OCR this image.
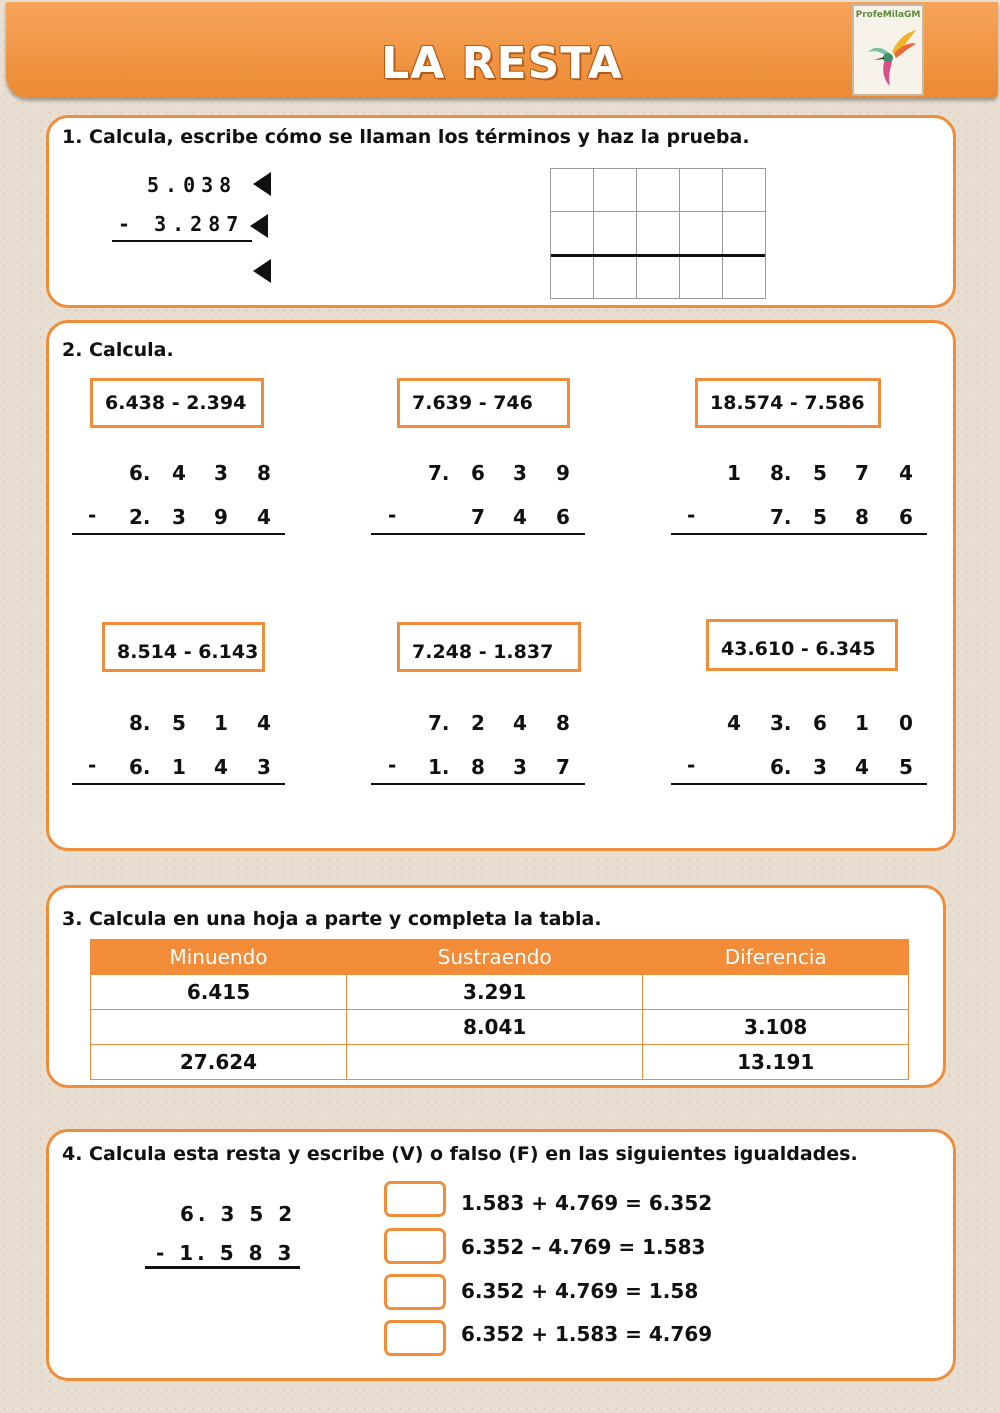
LA RESTA
ProfeMilaGM
1. Calcula, escribe cómo se llaman los términos y haz la prueba.
5.038
- 3.287
2. Calcula.
6.438 - 2.394	7.639 - 746	18.574 - 7.586
8.514 - 6.143	7.248 - 1.837	43.610 - 6.345
6. 4 3 8
- 2. 3 9 4
7. 6 3 9
-	7 4 6
1 8. 5 7 4
-	7. 5 8 6
8. 5 1 4
- 6. 1 4 3
7. 2 4 8
- 1. 8 3 7
4 3. 6 1 0
-	6. 3 4 5
3. Calcula en una hoja a parte y completa la tabla.
Minuendo	Sustraendo	Diferencia
6.415	3.291	
	8.041	3.108
27.624		13.191
4. Calcula esta resta y escribe (V) o falso (F) en las siguientes igualdades.
6. 3 5 2
- 1. 5 8 3
1.583 + 4.769 = 6.352
6.352 – 4.769 = 1.583
6.352 + 4.769 = 1.58
6.352 + 1.583 = 4.769
